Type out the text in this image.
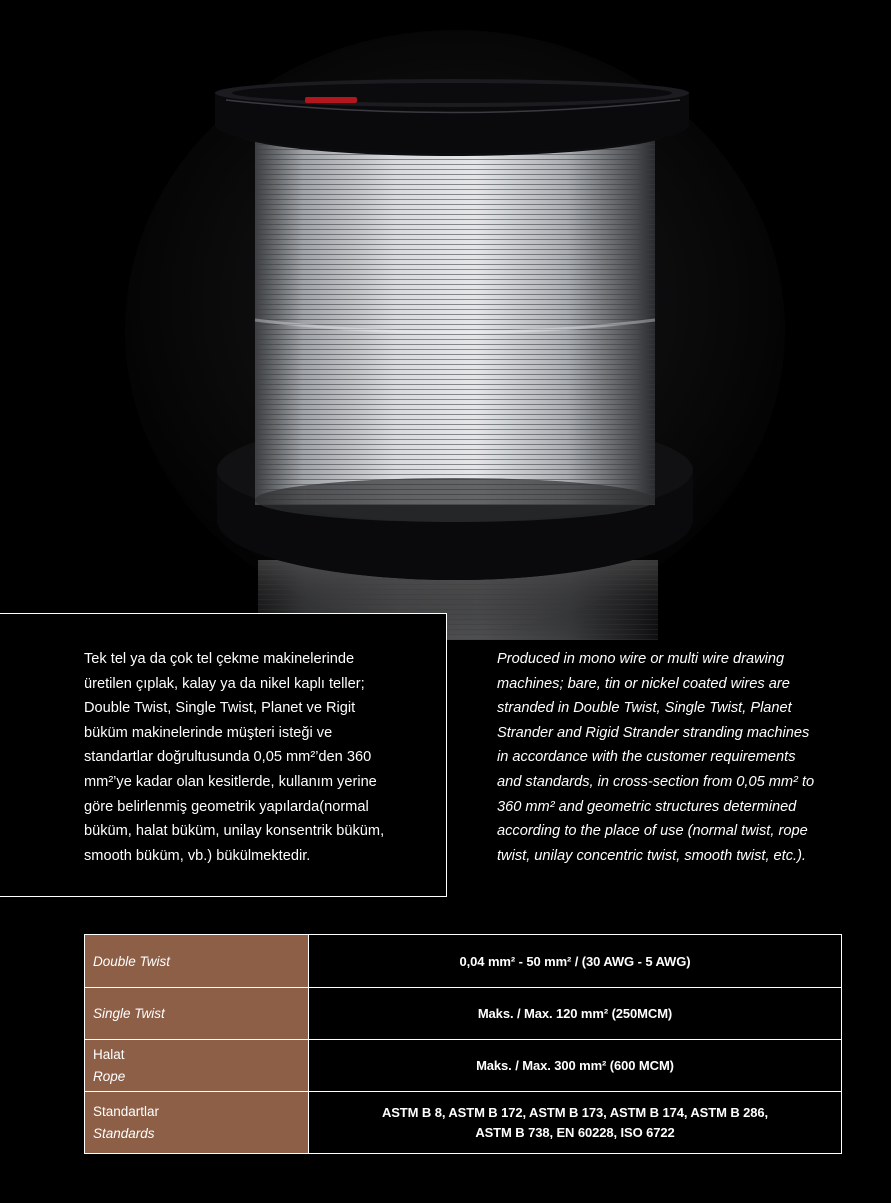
Tek tel ya da çok tel çekme makinelerinde
üretilen çıplak, kalay ya da nikel kaplı teller;
Double Twist, Single Twist, Planet ve Rigit
büküm makinelerinde müşteri isteği ve
standartlar doğrultusunda 0,05 mm²’den 360
mm²’ye kadar olan kesitlerde, kullanım yerine
göre belirlenmiş geometrik yapılarda(normal
büküm, halat büküm, unilay konsentrik büküm,
smooth büküm, vb.) bükülmektedir.

Produced in mono wire or multi wire drawing
machines; bare, tin or nickel coated wires are
stranded in Double Twist, Single Twist, Planet
Strander and Rigid Strander stranding machines
in accordance with the customer requirements
and standards, in cross-section from 0,05 mm² to
360 mm² and geometric structures determined
according to the place of use (normal twist, rope
twist, unilay concentric twist, smooth twist, etc.).

Double Twist	0,04 mm² - 50 mm² / (30 AWG - 5 AWG)
Single Twist	Maks. / Max. 120 mm² (250MCM)

Halat
Rope	Maks. / Max. 300 mm² (600 MCM)

Standartlar
Standards	ASTM B 8, ASTM B 172, ASTM B 173, ASTM B 174, ASTM B 286,
ASTM B 738, EN 60228, ISO 6722
